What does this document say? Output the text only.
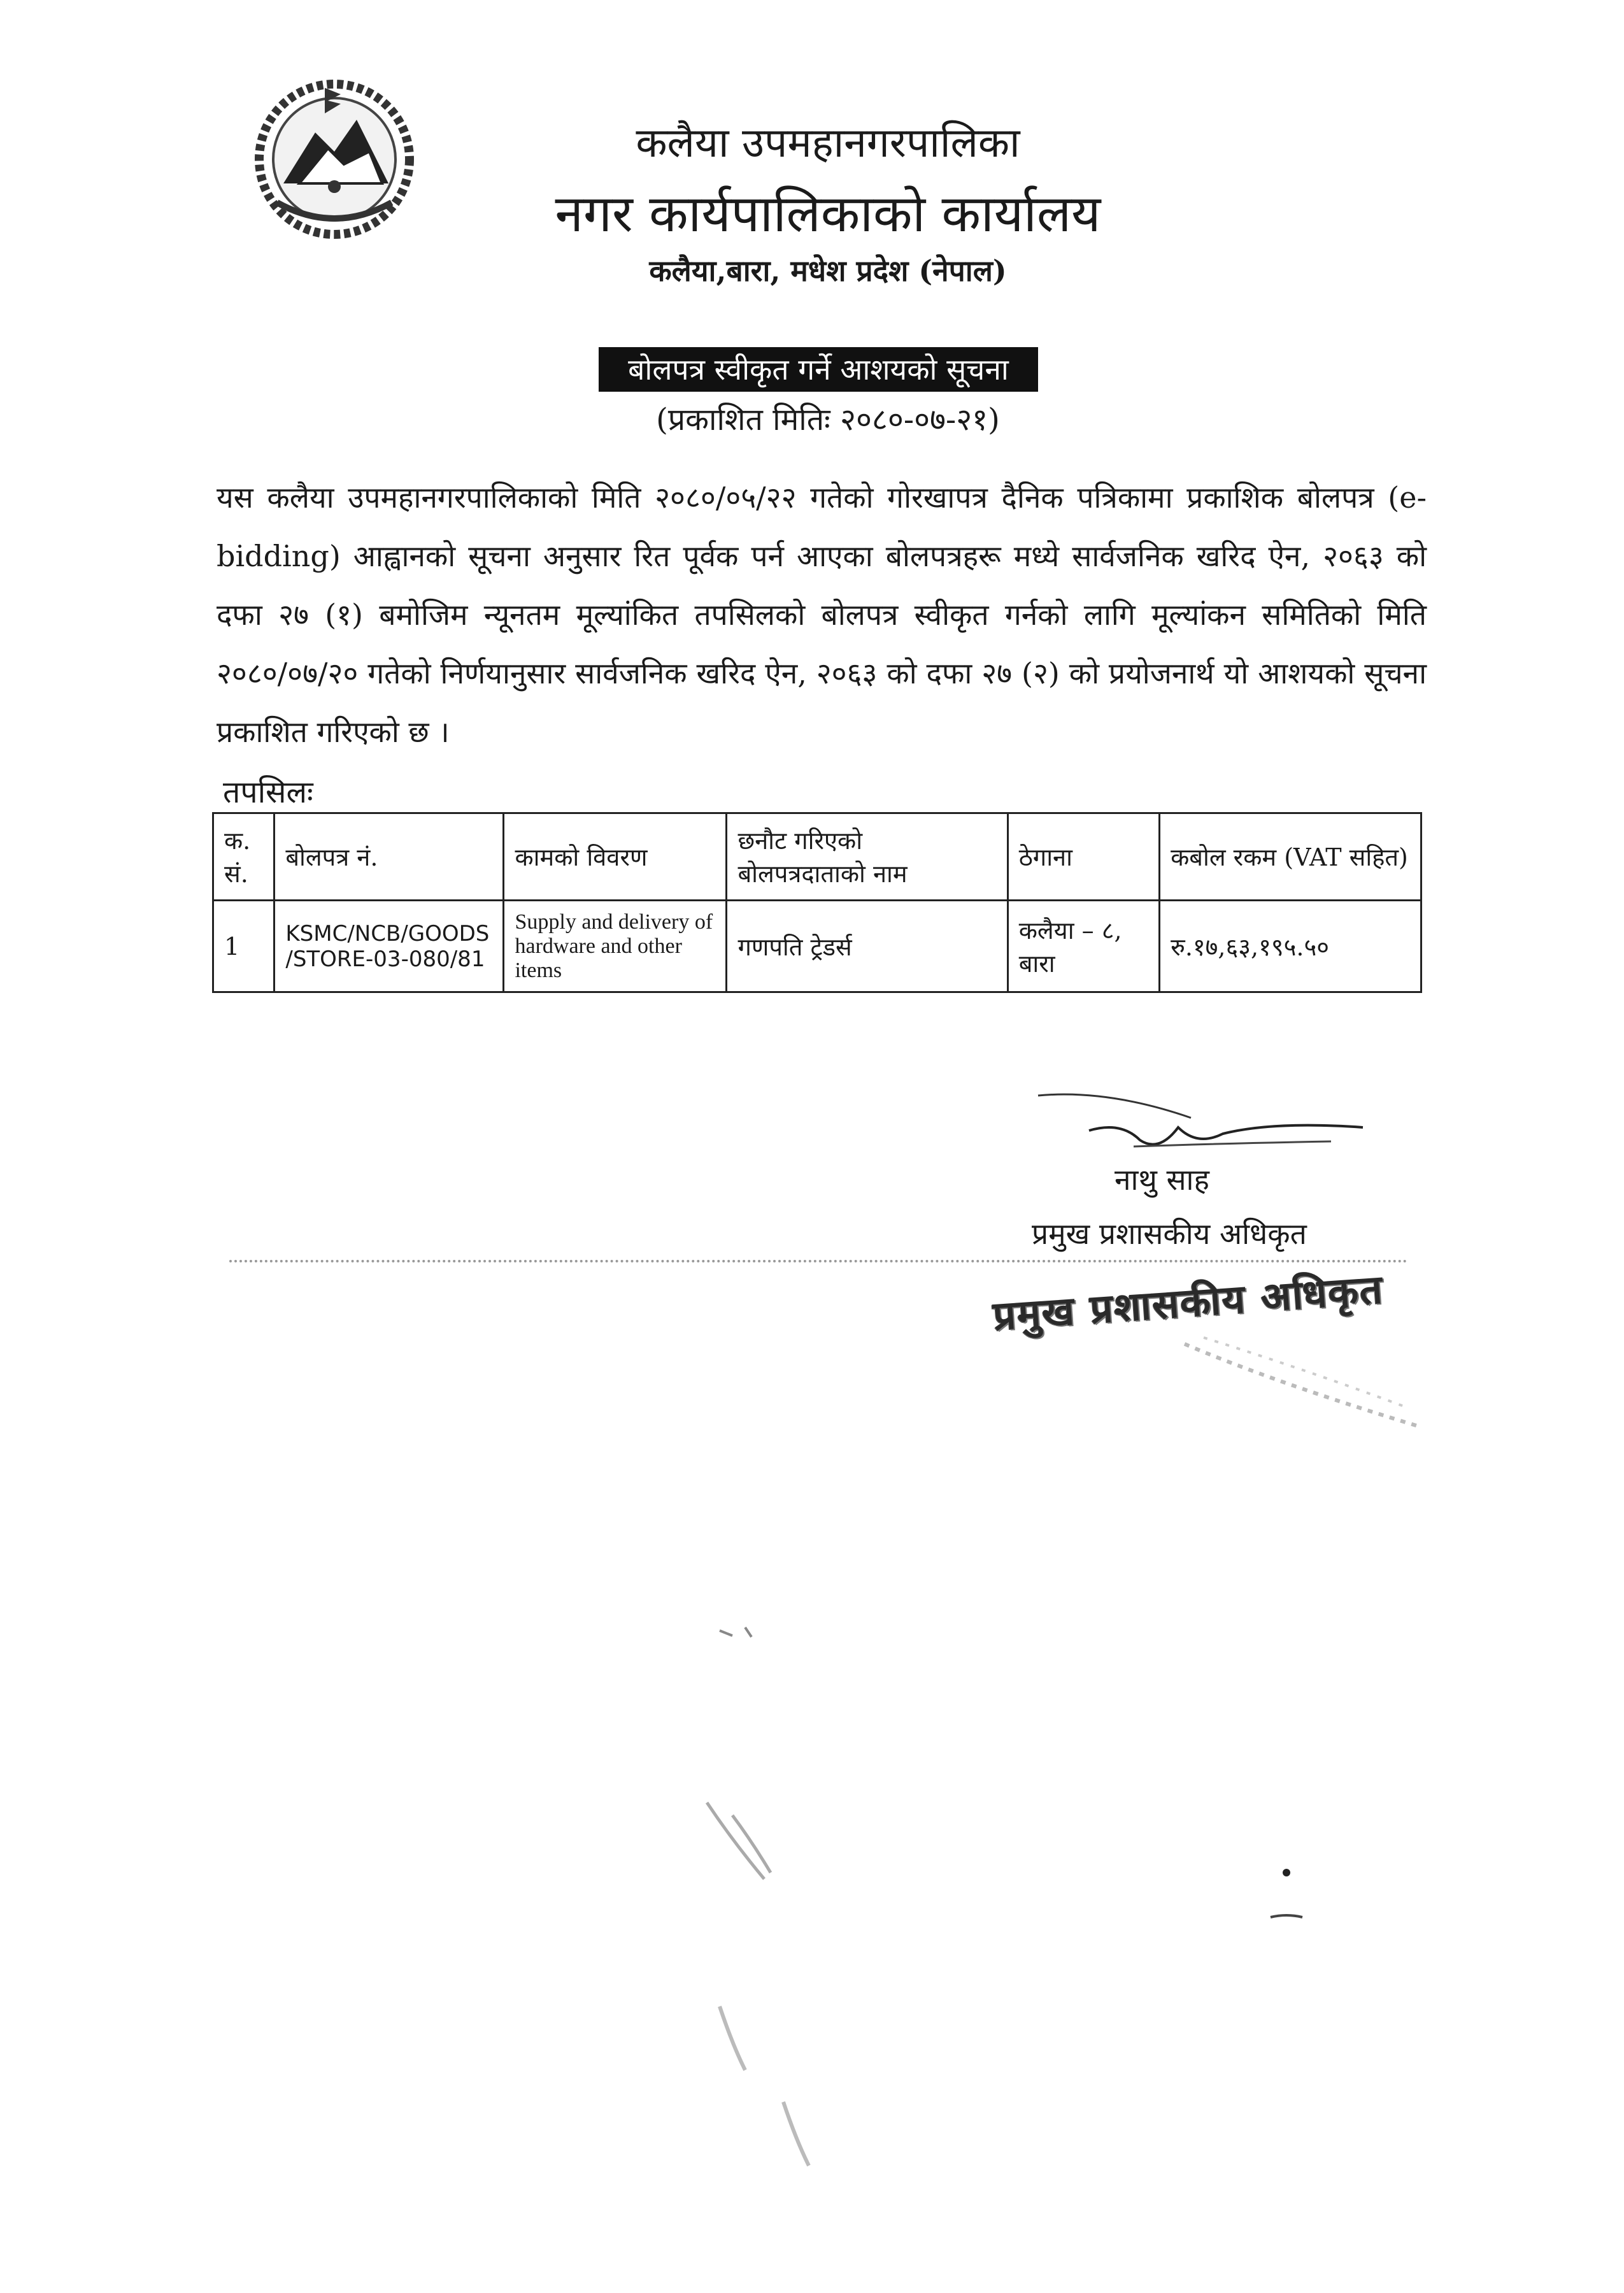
कलैया उपमहानगरपालिका
नगर कार्यपालिकाको कार्यालय
कलैया,बारा, मधेश प्रदेश (नेपाल)
बोलपत्र स्वीकृत गर्ने आशयको सूचना
(प्रकाशित मितिः २०८०-०७-२१)
यस कलैया उपमहानगरपालिकाको मिति २०८०/०५/२२ गतेको गोरखापत्र दैनिक पत्रिकामा प्रकाशिक बोलपत्र (e-bidding) आह्वानको सूचना अनुसार रित पूर्वक पर्न आएका बोलपत्रहरू मध्ये सार्वजनिक खरिद ऐन, २०६३ को दफा २७ (१) बमोजिम न्यूनतम मूल्यांकित तपसिलको बोलपत्र स्वीकृत गर्नको लागि मूल्यांकन समितिको मिति २०८०/०७/२० गतेको निर्णयानुसार सार्वजनिक खरिद ऐन, २०६३ को दफा २७ (२) को प्रयोजनार्थ यो आशयको सूचना प्रकाशित गरिएको छ ।
तपसिलः
क. सं.	बोलपत्र नं.	कामको विवरण	छनौट गरिएको बोलपत्रदाताको नाम	ठेगाना	कबोल रकम (VAT सहित)
1	KSMC/NCB/GOODS /STORE-03-080/81	Supply and delivery of hardware and other items	गणपति ट्रेडर्स	कलैया – ८, बारा	रु.१७,६३,१९५.५०
नाथु साह
प्रमुख प्रशासकीय अधिकृत
प्रमुख प्रशासकीय अधिकृत
